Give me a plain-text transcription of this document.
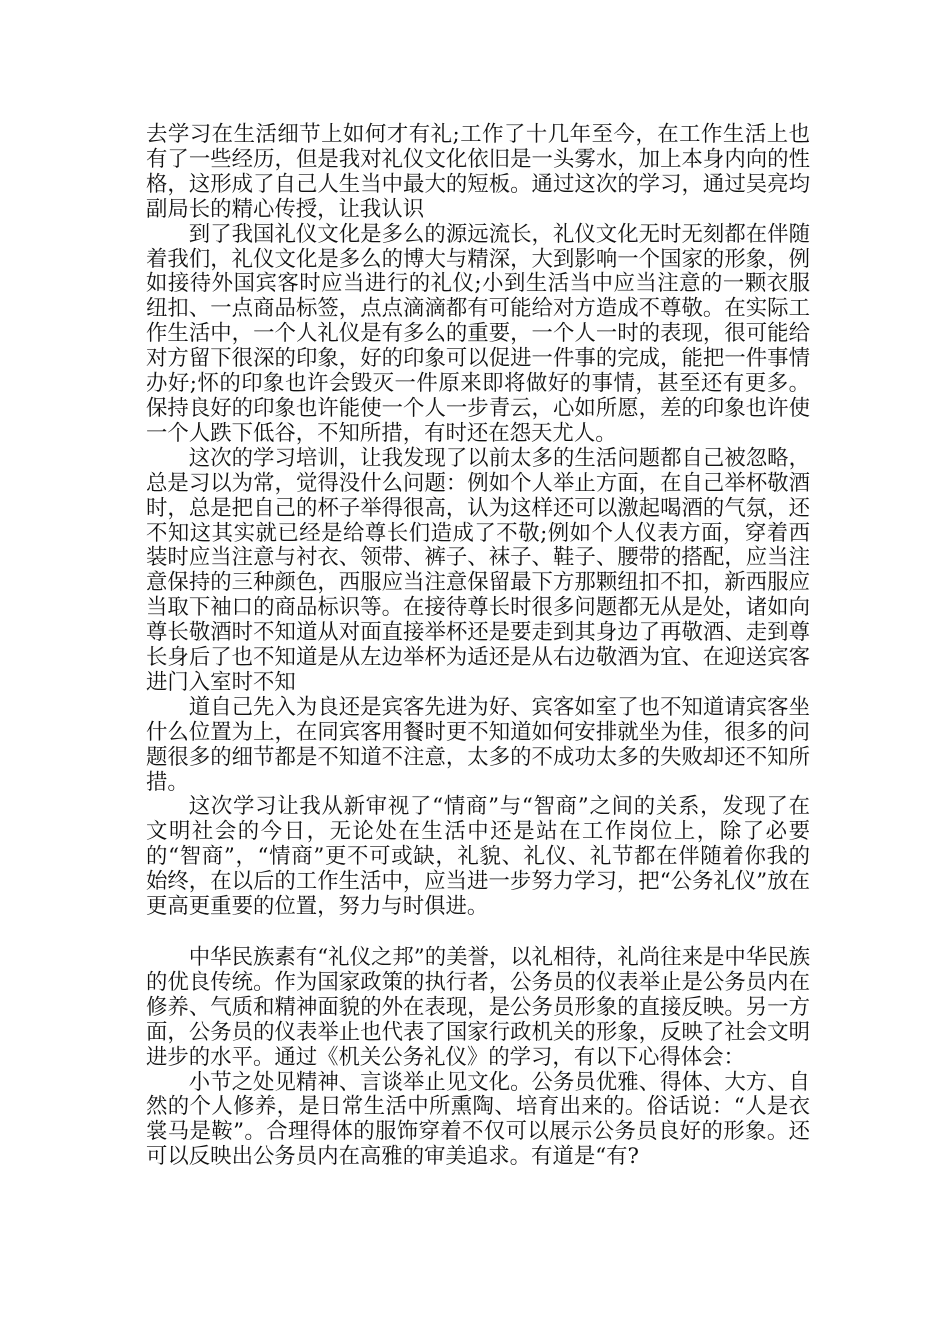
去学习在生活细节上如何才有礼;工作了十几年至今，在工作生活上也有了一些经历，但是我对礼仪文化依旧是一头雾水，加上本身内向的性格，这形成了自己人生当中最大的短板。通过这次的学习，通过吴亮均副局长的精心传授，让我认识

到了我国礼仪文化是多么的源远流长，礼仪文化无时无刻都在伴随着我们，礼仪文化是多么的博大与精深，大到影响一个国家的形象，例如接待外国宾客时应当进行的礼仪;小到生活当中应当注意的一颗衣服纽扣、一点商品标签，点点滴滴都有可能给对方造成不尊敬。在实际工作生活中，一个人礼仪是有多么的重要，一个人一时的表现，很可能给对方留下很深的印象，好的印象可以促进一件事的完成，能把一件事情办好;怀的印象也许会毁灭一件原来即将做好的事情，甚至还有更多。保持良好的印象也许能使一个人一步青云，心如所愿，差的印象也许使一个人跌下低谷，不知所措，有时还在怨天尤人。

这次的学习培训，让我发现了以前太多的生活问题都自己被忽略，总是习以为常，觉得没什么问题：例如个人举止方面，在自己举杯敬酒时，总是把自己的杯子举得很高，认为这样还可以激起喝酒的气氛，还不知这其实就已经是给尊长们造成了不敬;例如个人仪表方面，穿着西装时应当注意与衬衣、领带、裤子、袜子、鞋子、腰带的搭配，应当注意保持的三种颜色，西服应当注意保留最下方那颗纽扣不扣，新西服应当取下袖口的商品标识等。在接待尊长时很多问题都无从是处，诸如向尊长敬酒时不知道从对面直接举杯还是要走到其身边了再敬酒、走到尊长身后了也不知道是从左边举杯为适还是从右边敬酒为宜、在迎送宾客进门入室时不知

道自己先入为良还是宾客先进为好、宾客如室了也不知道请宾客坐什么位置为上，在同宾客用餐时更不知道如何安排就坐为佳，很多的问题很多的细节都是不知道不注意，太多的不成功太多的失败却还不知所措。

这次学习让我从新审视了“情商”与“智商”之间的关系，发现了在文明社会的今日，无论处在生活中还是站在工作岗位上，除了必要的“智商”，“情商”更不可或缺，礼貌、礼仪、礼节都在伴随着你我的始终，在以后的工作生活中，应当进一步努力学习，把“公务礼仪”放在更高更重要的位置，努力与时俱进。

中华民族素有“礼仪之邦”的美誉，以礼相待，礼尚往来是中华民族的优良传统。作为国家政策的执行者，公务员的仪表举止是公务员内在修养、气质和精神面貌的外在表现，是公务员形象的直接反映。另一方面，公务员的仪表举止也代表了国家行政机关的形象，反映了社会文明进步的水平。通过《机关公务礼仪》的学习，有以下心得体会：

小节之处见精神、言谈举止见文化。公务员优雅、得体、大方、自然的个人修养，是日常生活中所熏陶、培育出来的。俗话说：“人是衣裳马是鞍”。合理得体的服饰穿着不仅可以展示公务员良好的形象。还可以反映出公务员内在高雅的审美追求。有道是“有?
